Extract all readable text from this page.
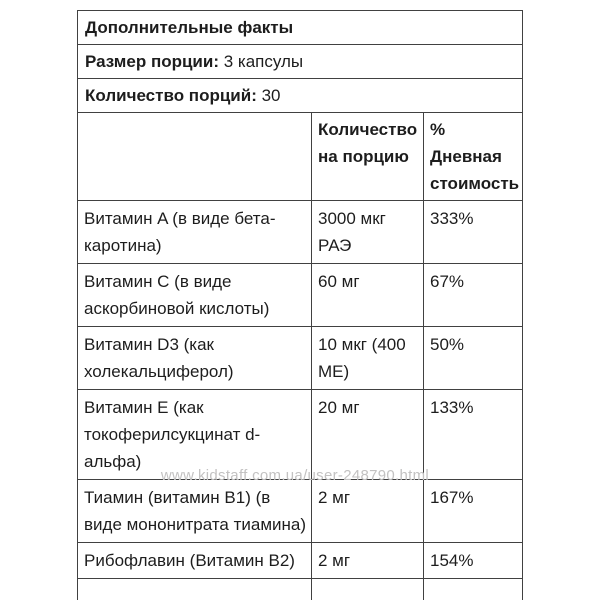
Дополнительные факты		
Размер порции: 3 капсулы		
Количество порций: 30		
	Количество на порцию	% Дневная стоимость
Витамин A (в виде бета-каротина)	3000 мкг РАЭ	333%
Витамин C (в виде аскорбиновой кислоты)	60 мг	67%
Витамин D3 (как холекальциферол)	10 мкг (400 МЕ)	50%
Витамин E (как токоферилсукцинат d-альфа)	20 мг	133%
Тиамин (витамин B1) (в виде мононитрата тиамина)	2 мг	167%
Рибофлавин (Витамин B2)	2 мг	154%

www.kidstaff.com.ua/user-248790.html
